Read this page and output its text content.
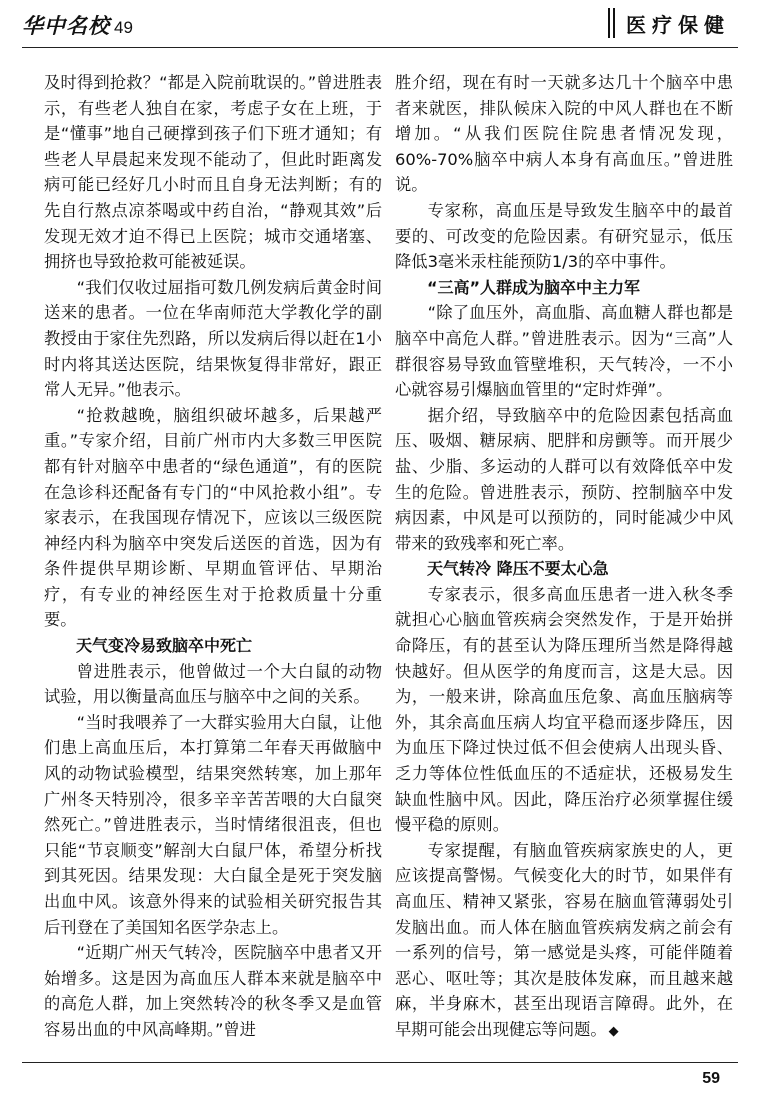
华中名校 49	医疗保健

及时得到抢救？“都是入院前耽误的。”曾进胜表示，有些老人独自在家，考虑子女在上班，于是“懂事”地自己硬撑到孩子们下班才通知；有些老人早晨起来发现不能动了，但此时距离发病可能已经好几小时而且自身无法判断；有的先自行熬点凉茶喝或中药自治，“静观其效”后发现无效才迫不得已上医院；城市交通堵塞、拥挤也导致抢救可能被延误。

“我们仅收过屈指可数几例发病后黄金时间送来的患者。一位在华南师范大学教化学的副教授由于家住先烈路，所以发病后得以赶在1小时内将其送达医院，结果恢复得非常好，跟正常人无异。”他表示。

“抢救越晚，脑组织破坏越多，后果越严重。”专家介绍，目前广州市内大多数三甲医院都有针对脑卒中患者的“绿色通道”，有的医院在急诊科还配备有专门的“中风抢救小组”。专家表示，在我国现存情况下，应该以三级医院神经内科为脑卒中突发后送医的首选，因为有条件提供早期诊断、早期血管评估、早期治疗，有专业的神经医生对于抢救质量十分重要。

天气变冷易致脑卒中死亡

曾进胜表示，他曾做过一个大白鼠的动物试验，用以衡量高血压与脑卒中之间的关系。

“当时我喂养了一大群实验用大白鼠，让他们患上高血压后，本打算第二年春天再做脑中风的动物试验模型，结果突然转寒，加上那年广州冬天特别冷，很多辛辛苦苦喂的大白鼠突然死亡。”曾进胜表示，当时情绪很沮丧，但也只能“节哀顺变”解剖大白鼠尸体，希望分析找到其死因。结果发现：大白鼠全是死于突发脑出血中风。该意外得来的试验相关研究报告其后刊登在了美国知名医学杂志上。

“近期广州天气转冷，医院脑卒中患者又开始增多。这是因为高血压人群本来就是脑卒中的高危人群，加上突然转冷的秋冬季又是血管容易出血的中风高峰期。”曾进

胜介绍，现在有时一天就多达几十个脑卒中患者来就医，排队候床入院的中风人群也在不断增加。“从我们医院住院患者情况发现，60%-70%脑卒中病人本身有高血压。”曾进胜说。

专家称，高血压是导致发生脑卒中的最首要的、可改变的危险因素。有研究显示，低压降低3毫米汞柱能预防1/3的卒中事件。

“三高”人群成为脑卒中主力军

“除了血压外，高血脂、高血糖人群也都是脑卒中高危人群。”曾进胜表示。因为“三高”人群很容易导致血管壁堆积，天气转冷，一不小心就容易引爆脑血管里的“定时炸弹”。

据介绍，导致脑卒中的危险因素包括高血压、吸烟、糖尿病、肥胖和房颤等。而开展少盐、少脂、多运动的人群可以有效降低卒中发生的危险。曾进胜表示，预防、控制脑卒中发病因素，中风是可以预防的，同时能减少中风带来的致残率和死亡率。

天气转冷 降压不要太心急

专家表示，很多高血压患者一进入秋冬季就担心心脑血管疾病会突然发作，于是开始拼命降压，有的甚至认为降压理所当然是降得越快越好。但从医学的角度而言，这是大忌。因为，一般来讲，除高血压危象、高血压脑病等外，其余高血压病人均宜平稳而逐步降压，因为血压下降过快过低不但会使病人出现头昏、乏力等体位性低血压的不适症状，还极易发生缺血性脑中风。因此，降压治疗必须掌握住缓慢平稳的原则。

专家提醒，有脑血管疾病家族史的人，更应该提高警惕。气候变化大的时节，如果伴有高血压、精神又紧张，容易在脑血管薄弱处引发脑出血。而人体在脑血管疾病发病之前会有一系列的信号，第一感觉是头疼，可能伴随着恶心、呕吐等；其次是肢体发麻，而且越来越麻，半身麻木，甚至出现语言障碍。此外，在早期可能会出现健忘等问题。 ◆

59
